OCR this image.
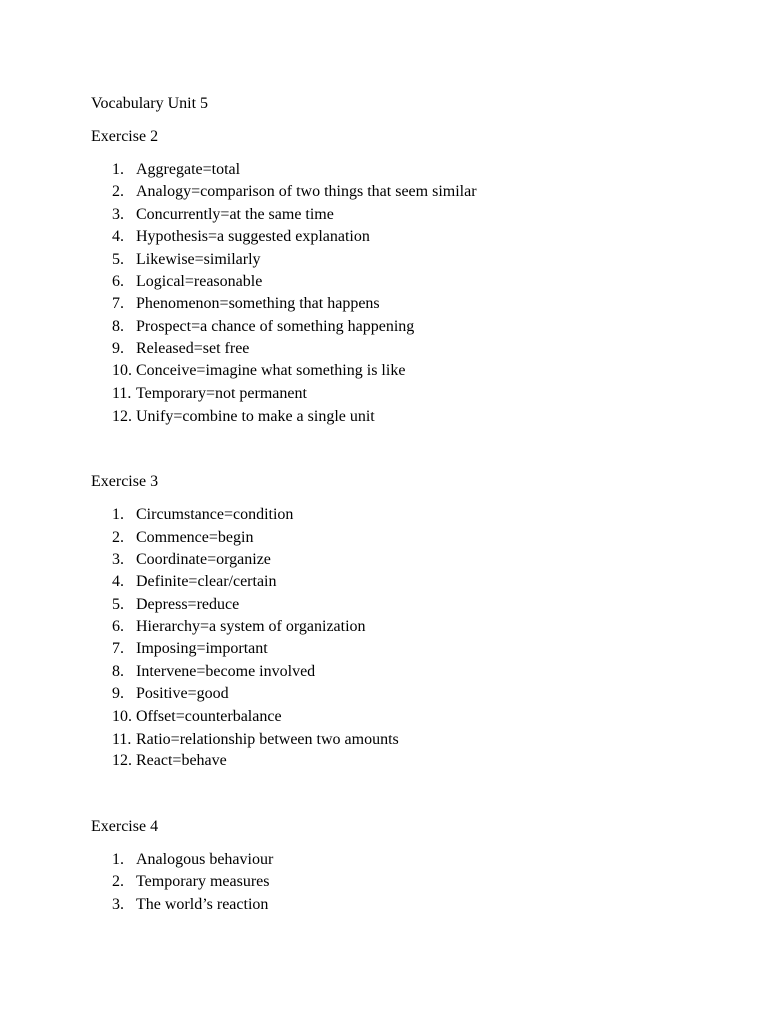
Vocabulary Unit 5
Exercise 2
1. Aggregate=total
2. Analogy=comparison of two things that seem similar
3. Concurrently=at the same time
4. Hypothesis=a suggested explanation
5. Likewise=similarly
6. Logical=reasonable
7. Phenomenon=something that happens
8. Prospect=a chance of something happening
9. Released=set free
10. Conceive=imagine what something is like
11. Temporary=not permanent
12. Unify=combine to make a single unit
Exercise 3
1. Circumstance=condition
2. Commence=begin
3. Coordinate=organize
4. Definite=clear/certain
5. Depress=reduce
6. Hierarchy=a system of organization
7. Imposing=important
8. Intervene=become involved
9. Positive=good
10. Offset=counterbalance
11. Ratio=relationship between two amounts
12. React=behave
Exercise 4
1. Analogous behaviour
2. Temporary measures
3. The world’s reaction
